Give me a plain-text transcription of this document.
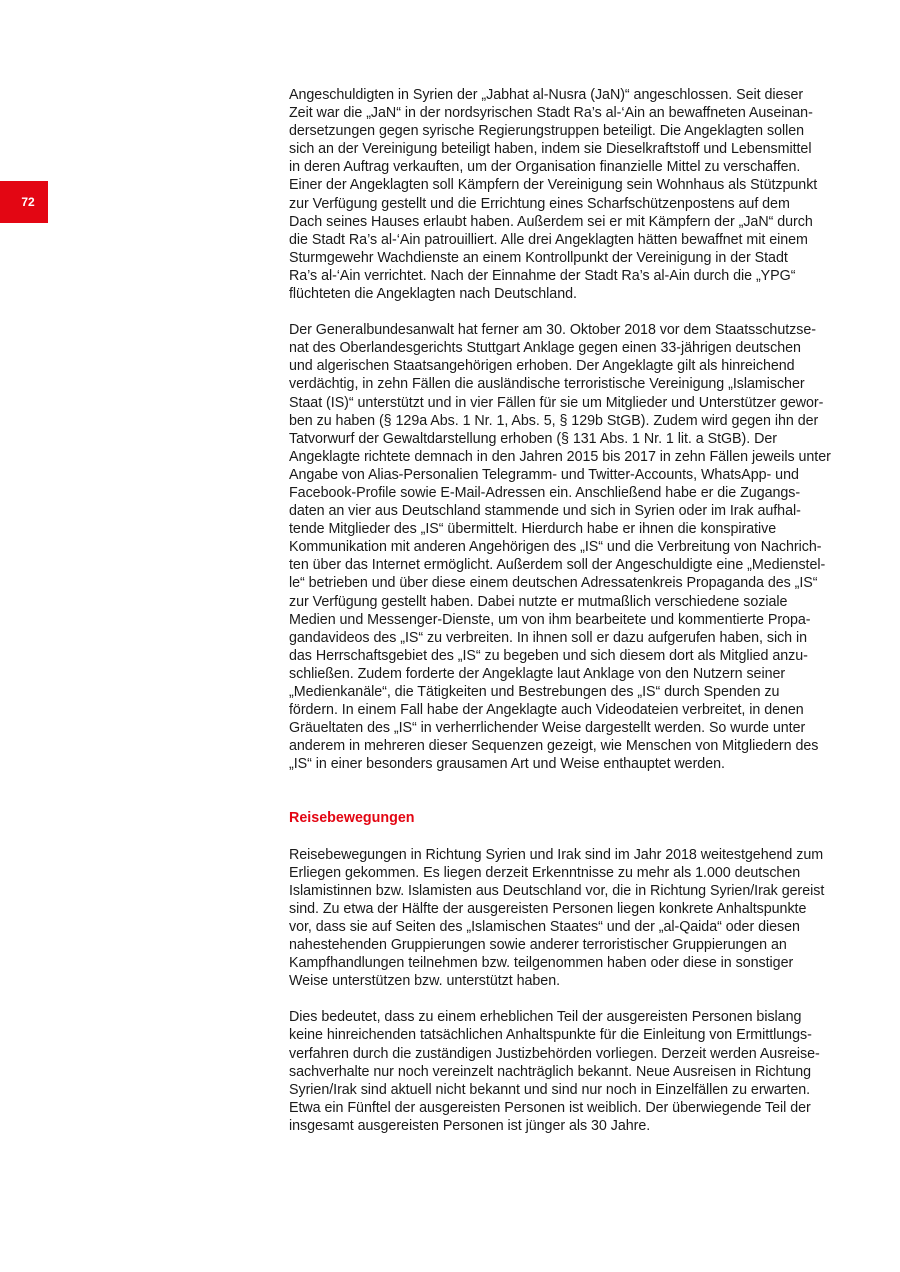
72

Angeschuldigten in Syrien der „Jabhat al-Nusra (JaN)“ angeschlossen. Seit dieser
Zeit war die „JaN“ in der nordsyrischen Stadt Ra’s al-‘Ain an bewaffneten Auseinan-
dersetzungen gegen syrische Regierungstruppen beteiligt. Die Angeklagten sollen
sich an der Vereinigung beteiligt haben, indem sie Dieselkraftstoff und Lebensmittel
in deren Auftrag verkauften, um der Organisation finanzielle Mittel zu verschaffen.
Einer der Angeklagten soll Kämpfern der Vereinigung sein Wohnhaus als Stützpunkt
zur Verfügung gestellt und die Errichtung eines Scharfschützenpostens auf dem
Dach seines Hauses erlaubt haben. Außerdem sei er mit Kämpfern der „JaN“ durch
die Stadt Ra’s al-‘Ain patrouilliert. Alle drei Angeklagten hätten bewaffnet mit einem
Sturmgewehr Wachdienste an einem Kontrollpunkt der Vereinigung in der Stadt
Ra’s al-‘Ain verrichtet. Nach der Einnahme der Stadt Ra’s al-Ain durch die „YPG“
flüchteten die Angeklagten nach Deutschland.

Der Generalbundesanwalt hat ferner am 30. Oktober 2018 vor dem Staatsschutzse-
nat des Oberlandesgerichts Stuttgart Anklage gegen einen 33-jährigen deutschen
und algerischen Staatsangehörigen erhoben. Der Angeklagte gilt als hinreichend
verdächtig, in zehn Fällen die ausländische terroristische Vereinigung „Islamischer
Staat (IS)“ unterstützt und in vier Fällen für sie um Mitglieder und Unterstützer gewor-
ben zu haben (§ 129a Abs. 1 Nr. 1, Abs. 5, § 129b StGB). Zudem wird gegen ihn der
Tatvorwurf der Gewaltdarstellung erhoben (§ 131 Abs. 1 Nr. 1 lit. a StGB). Der
Angeklagte richtete demnach in den Jahren 2015 bis 2017 in zehn Fällen jeweils unter
Angabe von Alias-Personalien Telegramm- und Twitter-Accounts, WhatsApp- und
Facebook-Profile sowie E-Mail-Adressen ein. Anschließend habe er die Zugangs-
daten an vier aus Deutschland stammende und sich in Syrien oder im Irak aufhal-
tende Mitglieder des „IS“ übermittelt. Hierdurch habe er ihnen die konspirative
Kommunikation mit anderen Angehörigen des „IS“ und die Verbreitung von Nachrich-
ten über das Internet ermöglicht. Außerdem soll der Angeschuldigte eine „Medienstel-
le“ betrieben und über diese einem deutschen Adressatenkreis Propaganda des „IS“
zur Verfügung gestellt haben. Dabei nutzte er mutmaßlich verschiedene soziale
Medien und Messenger-Dienste, um von ihm bearbeitete und kommentierte Propa-
gandavideos des „IS“ zu verbreiten. In ihnen soll er dazu aufgerufen haben, sich in
das Herrschaftsgebiet des „IS“ zu begeben und sich diesem dort als Mitglied anzu-
schließen. Zudem forderte der Angeklagte laut Anklage von den Nutzern seiner
„Medienkanäle“, die Tätigkeiten und Bestrebungen des „IS“ durch Spenden zu
fördern. In einem Fall habe der Angeklagte auch Videodateien verbreitet, in denen
Gräueltaten des „IS“ in verherrlichender Weise dargestellt werden. So wurde unter
anderem in mehreren dieser Sequenzen gezeigt, wie Menschen von Mitgliedern des
„IS“ in einer besonders grausamen Art und Weise enthauptet werden.

Reisebewegungen

Reisebewegungen in Richtung Syrien und Irak sind im Jahr 2018 weitestgehend zum
Erliegen gekommen. Es liegen derzeit Erkenntnisse zu mehr als 1.000 deutschen
Islamistinnen bzw. Islamisten aus Deutschland vor, die in Richtung Syrien/Irak gereist
sind. Zu etwa der Hälfte der ausgereisten Personen liegen konkrete Anhaltspunkte
vor, dass sie auf Seiten des „Islamischen Staates“ und der „al-Qaida“ oder diesen
nahestehenden Gruppierungen sowie anderer terroristischer Gruppierungen an
Kampfhandlungen teilnehmen bzw. teilgenommen haben oder diese in sonstiger
Weise unterstützen bzw. unterstützt haben.

Dies bedeutet, dass zu einem erheblichen Teil der ausgereisten Personen bislang
keine hinreichenden tatsächlichen Anhaltspunkte für die Einleitung von Ermittlungs-
verfahren durch die zuständigen Justizbehörden vorliegen. Derzeit werden Ausreise-
sachverhalte nur noch vereinzelt nachträglich bekannt. Neue Ausreisen in Richtung
Syrien/Irak sind aktuell nicht bekannt und sind nur noch in Einzelfällen zu erwarten.
Etwa ein Fünftel der ausgereisten Personen ist weiblich. Der überwiegende Teil der
insgesamt ausgereisten Personen ist jünger als 30 Jahre.
